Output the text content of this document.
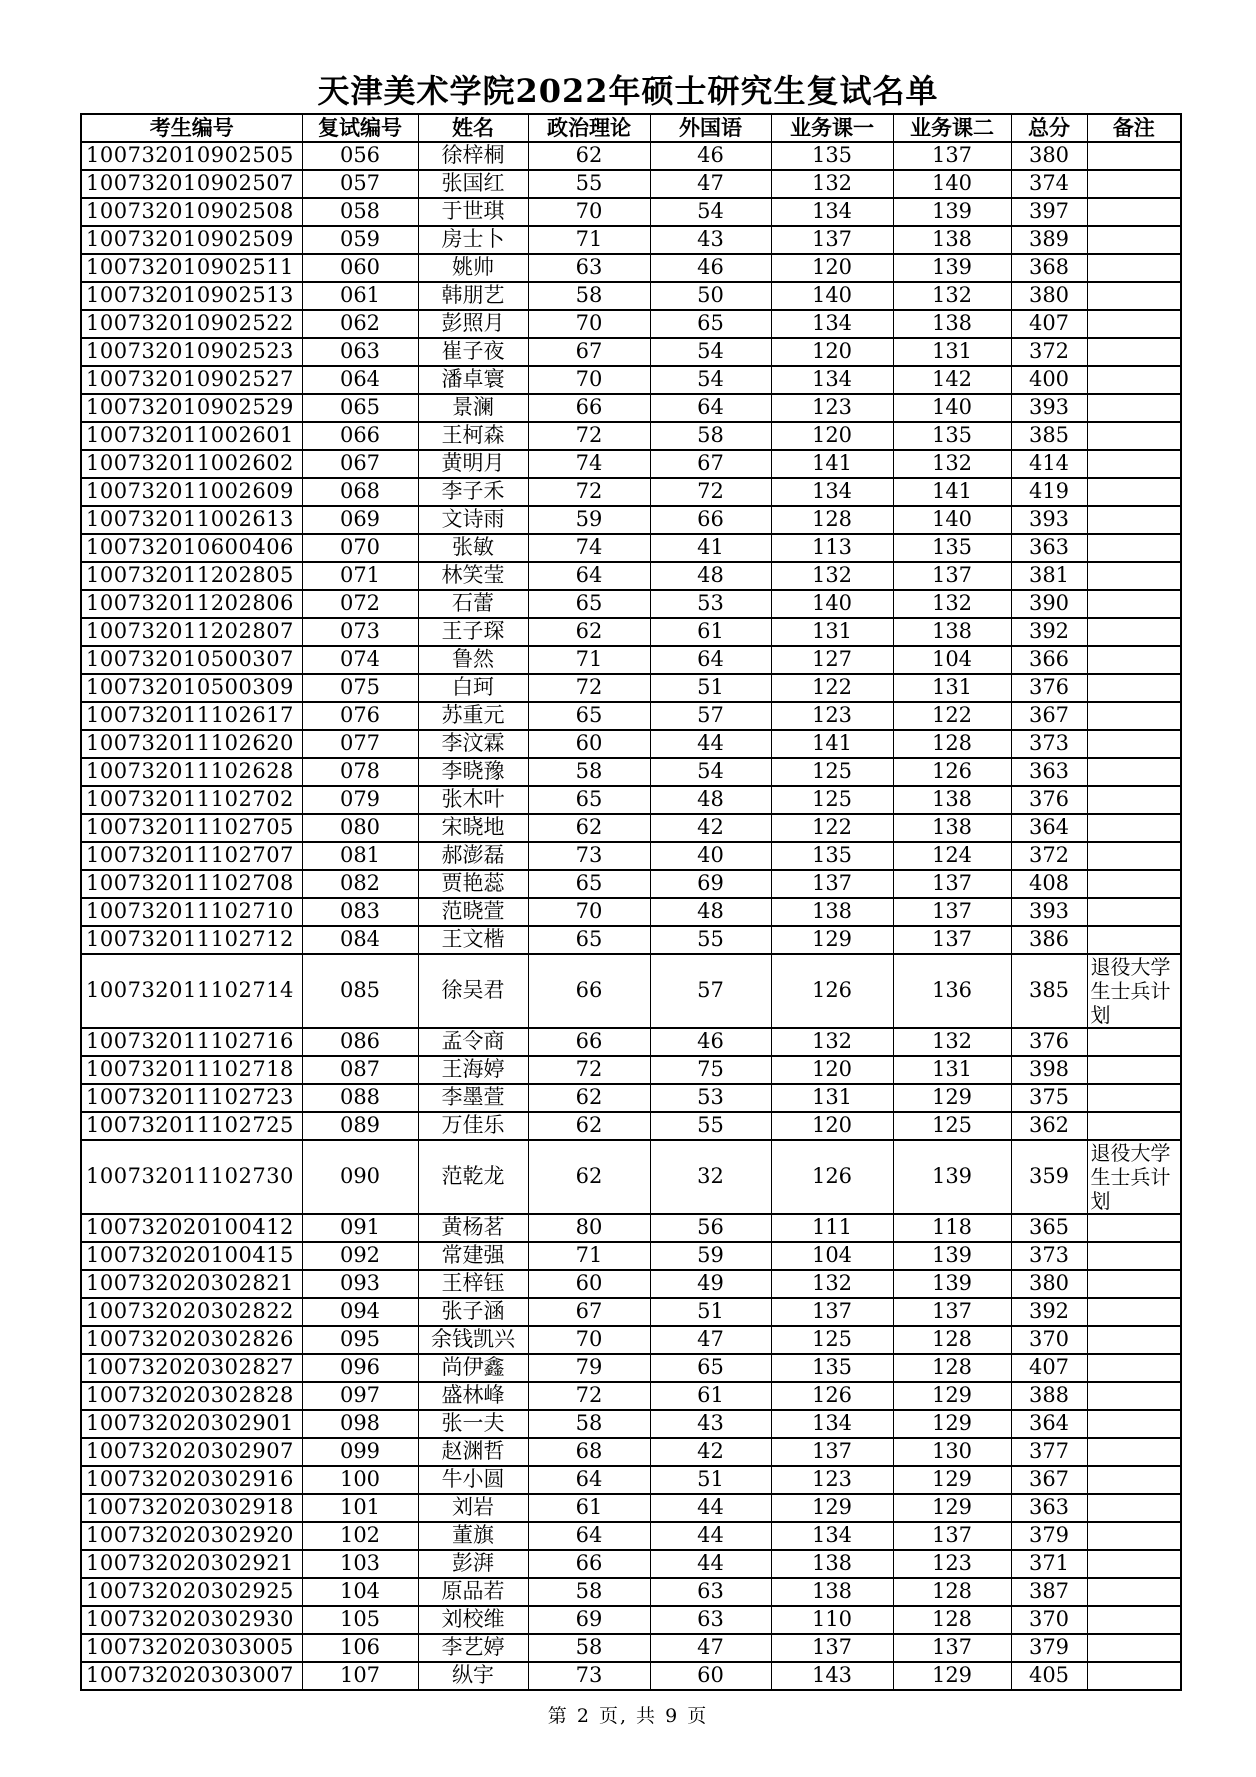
天津美术学院2022年硕士研究生复试名单
考生编号	复试编号	姓名	政治理论	外国语	业务课一	业务课二	总分	备注
100732010902505	056	徐梓桐	62	46	135	137	380	
100732010902507	057	张国红	55	47	132	140	374	
100732010902508	058	于世琪	70	54	134	139	397	
100732010902509	059	房士卜	71	43	137	138	389	
100732010902511	060	姚帅	63	46	120	139	368	
100732010902513	061	韩朋艺	58	50	140	132	380	
100732010902522	062	彭照月	70	65	134	138	407	
100732010902523	063	崔子夜	67	54	120	131	372	
100732010902527	064	潘卓寰	70	54	134	142	400	
100732010902529	065	景澜	66	64	123	140	393	
100732011002601	066	王柯森	72	58	120	135	385	
100732011002602	067	黄明月	74	67	141	132	414	
100732011002609	068	李子禾	72	72	134	141	419	
100732011002613	069	文诗雨	59	66	128	140	393	
100732010600406	070	张敏	74	41	113	135	363	
100732011202805	071	林笑莹	64	48	132	137	381	
100732011202806	072	石蕾	65	53	140	132	390	
100732011202807	073	王子琛	62	61	131	138	392	
100732010500307	074	鲁然	71	64	127	104	366	
100732010500309	075	白珂	72	51	122	131	376	
100732011102617	076	苏重元	65	57	123	122	367	
100732011102620	077	李汶霖	60	44	141	128	373	
100732011102628	078	李晓豫	58	54	125	126	363	
100732011102702	079	张木叶	65	48	125	138	376	
100732011102705	080	宋晓地	62	42	122	138	364	
100732011102707	081	郝澎磊	73	40	135	124	372	
100732011102708	082	贾艳蕊	65	69	137	137	408	
100732011102710	083	范晓萱	70	48	138	137	393	
100732011102712	084	王文楷	65	55	129	137	386	
100732011102714	085	徐吴君	66	57	126	136	385	退役大学生士兵计划
100732011102716	086	孟令商	66	46	132	132	376	
100732011102718	087	王海婷	72	75	120	131	398	
100732011102723	088	李墨萱	62	53	131	129	375	
100732011102725	089	万佳乐	62	55	120	125	362	
100732011102730	090	范乾龙	62	32	126	139	359	退役大学生士兵计划
100732020100412	091	黄杨茗	80	56	111	118	365	
100732020100415	092	常建强	71	59	104	139	373	
100732020302821	093	王梓钰	60	49	132	139	380	
100732020302822	094	张子涵	67	51	137	137	392	
100732020302826	095	余钱凯兴	70	47	125	128	370	
100732020302827	096	尚伊鑫	79	65	135	128	407	
100732020302828	097	盛林峰	72	61	126	129	388	
100732020302901	098	张一夫	58	43	134	129	364	
100732020302907	099	赵渊哲	68	42	137	130	377	
100732020302916	100	牛小圆	64	51	123	129	367	
100732020302918	101	刘岩	61	44	129	129	363	
100732020302920	102	董旗	64	44	134	137	379	
100732020302921	103	彭湃	66	44	138	123	371	
100732020302925	104	原品若	58	63	138	128	387	
100732020302930	105	刘校维	69	63	110	128	370	
100732020303005	106	李艺婷	58	47	137	137	379	
100732020303007	107	纵宇	73	60	143	129	405	
第 2 页, 共 9 页
